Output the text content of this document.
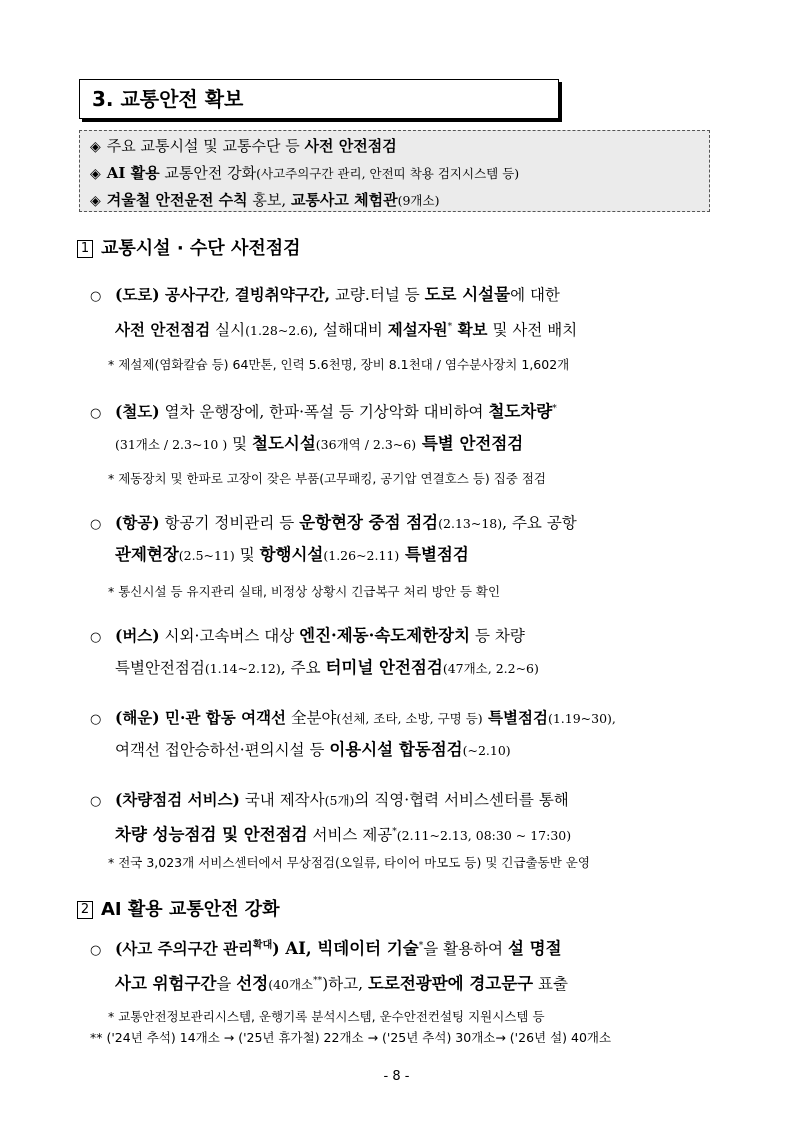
3. 교통안전 확보
◈ 주요 교통시설 및 교통수단 등 사전 안전점검
◈ AI 활용 교통안전 강화(사고주의구간 관리, 안전띠 착용 검지시스템 등)
◈ 겨울철 안전운전 수칙 홍보, 교통사고 체험관(9개소)
1 교통시설 · 수단 사전점검
○ (도로) 공사구간, 결빙취약구간, 교량.터널 등 도로 시설물에 대한
사전 안전점검 실시(1.28~2.6), 설해대비 제설자원* 확보 및 사전 배치
* 제설제(염화칼슘 등) 64만톤, 인력 5.6천명, 장비 8.1천대 / 염수분사장치 1,602개
○ (철도) 열차 운행장에, 한파·폭설 등 기상악화 대비하여 철도차량*
(31개소 / 2.3~10 ) 및 철도시설(36개역 / 2.3~6) 특별 안전점검
* 제동장치 및 한파로 고장이 잦은 부품(고무패킹, 공기압 연결호스 등) 집중 점검
○ (항공) 항공기 정비관리 등 운항현장 중점 점검(2.13~18), 주요 공항
관제현장(2.5~11) 및 항행시설(1.26~2.11) 특별점검
* 통신시설 등 유지관리 실태, 비정상 상황시 긴급복구 처리 방안 등 확인
○ (버스) 시외·고속버스 대상 엔진·제동·속도제한장치 등 차량
특별안전점검(1.14~2.12), 주요 터미널 안전점검(47개소, 2.2~6)
○ (해운) 민·관 합동 여객선 全분야(선체, 조타, 소방, 구명 등) 특별점검(1.19~30),
여객선 접안승하선·편의시설 등 이용시설 합동점검(~2.10)
○ (차량점검 서비스) 국내 제작사(5개)의 직영·협력 서비스센터를 통해
차량 성능점검 및 안전점검 서비스 제공*(2.11~2.13, 08:30 ~ 17:30)
* 전국 3,023개 서비스센터에서 무상점검(오일류, 타이어 마모도 등) 및 긴급출동반 운영
2 AI 활용 교통안전 강화
○ (사고 주의구간 관리$^{확대}$) AI, 빅데이터 기술*을 활용하여 설 명절
사고 위험구간을 선정(40개소**)하고, 도로전광판에 경고문구 표출
* 교통안전정보관리시스템, 운행기록 분석시스템, 운수안전컨설팅 지원시스템 등
** ('24년 추석) 14개소 → ('25년 휴가철) 22개소 → ('25년 추석) 30개소→ ('26년 설) 40개소
- 8 -
